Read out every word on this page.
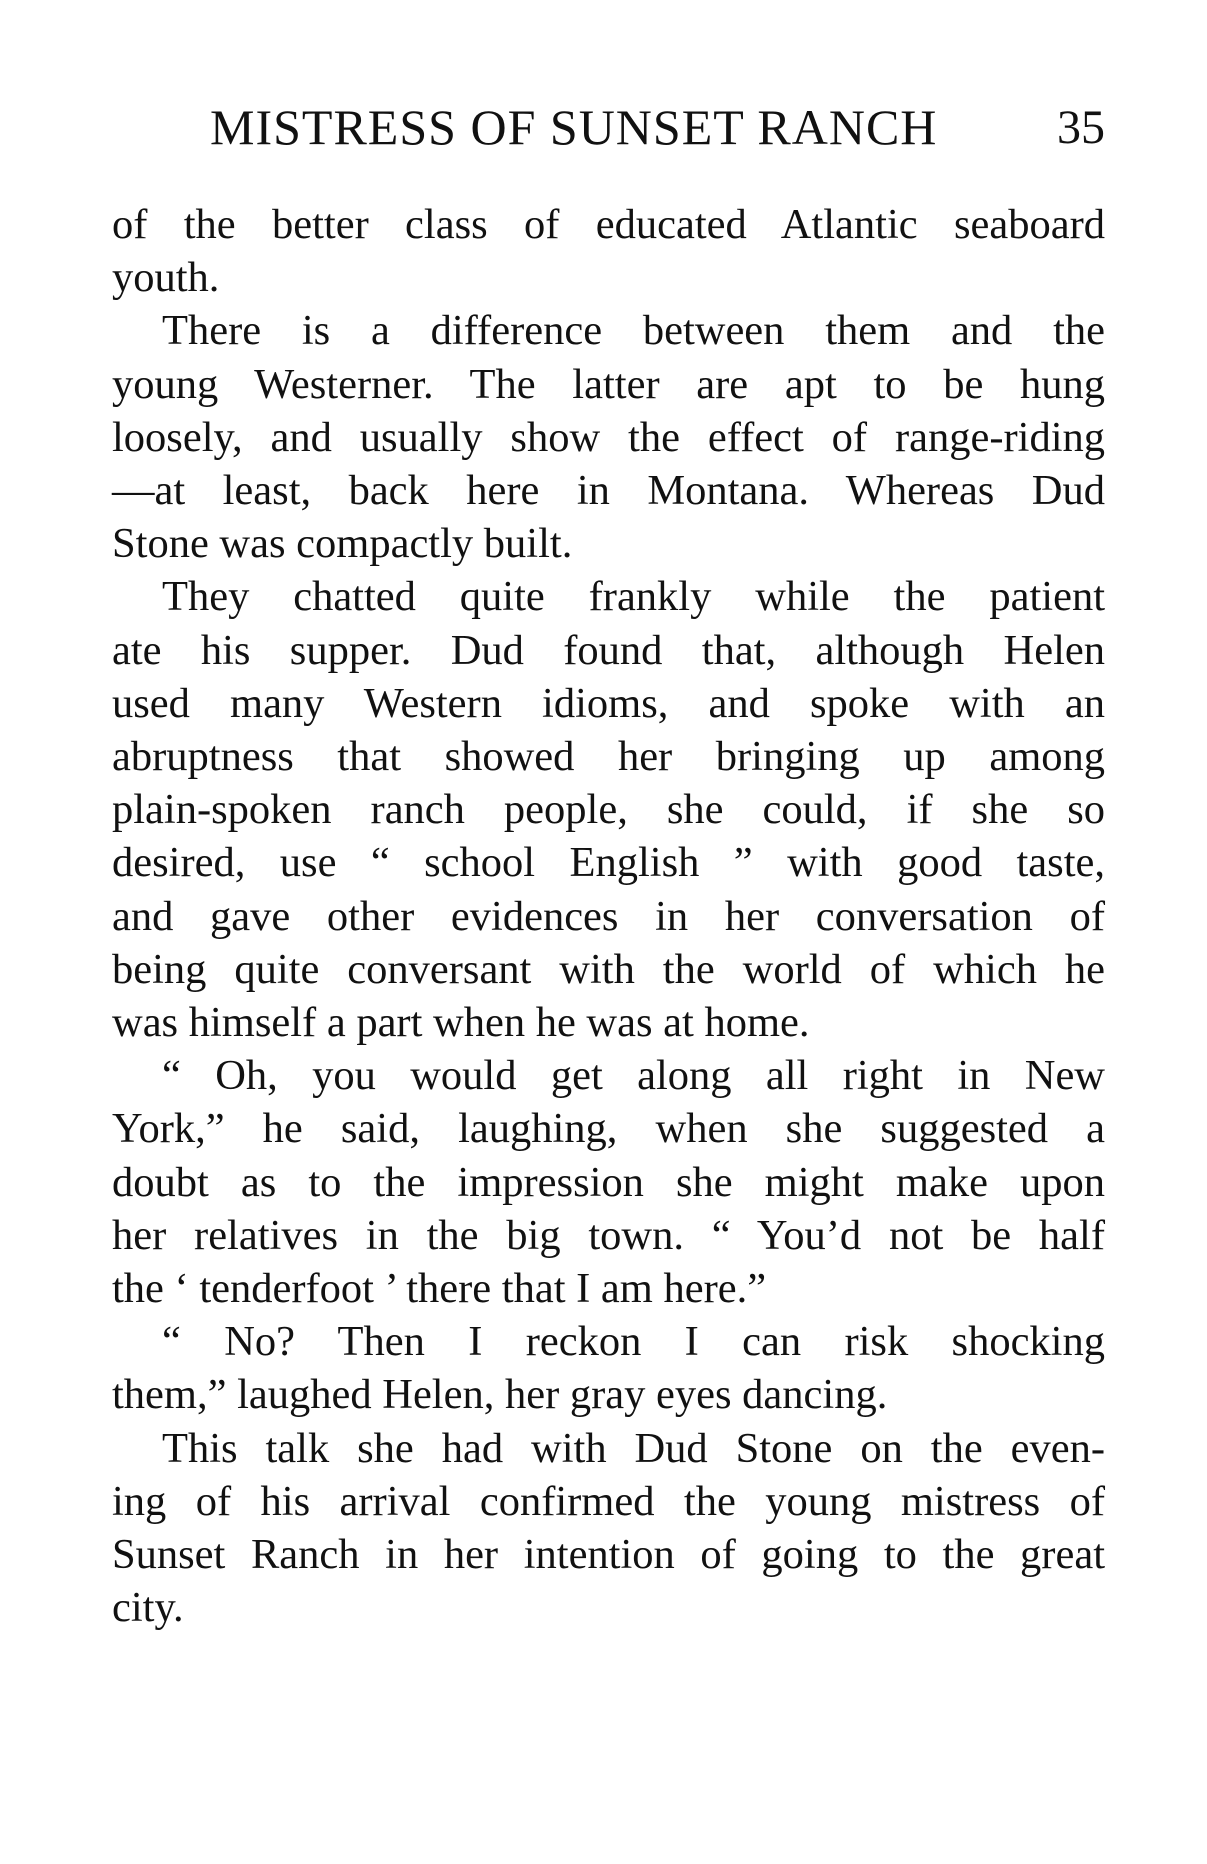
MISTRESS OF SUNSET RANCH 35

of the better class of educated Atlantic seaboard
youth.

There is a difference between them and the
young Westerner. The latter are apt to be hung
loosely, and usually show the effect of range-riding
—at least, back here in Montana. Whereas Dud
Stone was compactly built.

They chatted quite frankly while the patient
ate his supper. Dud found that, although Helen
used many Western idioms, and spoke with an
abruptness that showed her bringing up among
plain-spoken ranch people, she could, if she so
desired, use “ school English ” with good taste,
and gave other evidences in her conversation of
being quite conversant with the world of which he
was himself a part when he was at home.

“ Oh, you would get along all right in New
York,” he said, laughing, when she suggested a
doubt as to the impression she might make upon
her relatives in the big town. “ You’d not be half
the ‘ tenderfoot ’ there that I am here.”

“ No? Then I reckon I can risk shocking
them,” laughed Helen, her gray eyes dancing.

This talk she had with Dud Stone on the even-
ing of his arrival confirmed the young mistress of
Sunset Ranch in her intention of going to the great
city.
